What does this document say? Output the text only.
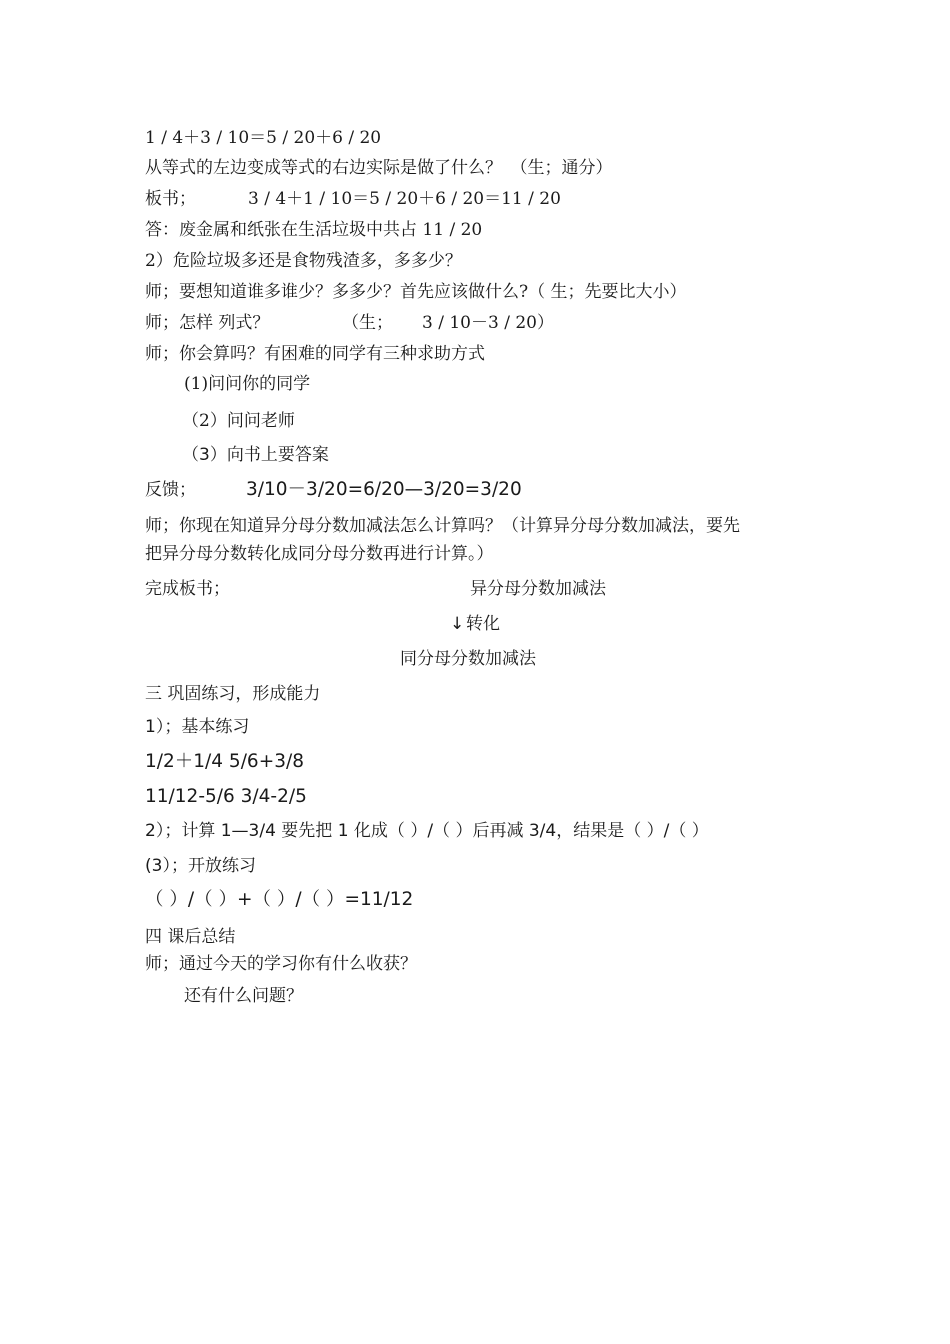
1 / 4＋3 / 10＝5 / 20＋6 / 20
从等式的左边变成等式的右边实际是做了什么？　（生；通分）
板书；	3 / 4＋1 / 10＝5 / 20＋6 / 20＝11 / 20
答：废金属和纸张在生活垃圾中共占 11 / 20
2）危险垃圾多还是食物残渣多，多多少？
师；要想知道谁多谁少？多多少？首先应该做什么?（ 生；先要比大小）
师；怎样 列式？	（生； 3 / 10－3 / 20）
师；你会算吗？有困难的同学有三种求助方式
(1)问问你的同学
（2）问问老师
（3）向书上要答案
反馈；	3/10－3/20=6/20—3/20=3/20
师；你现在知道异分母分数加减法怎么计算吗？（计算异分母分数加减法，要先
把异分母分数转化成同分母分数再进行计算。）
完成板书；	异分母分数加减法
↓ 转化
同分母分数加减法
三 巩固练习，形成能力
1）；基本练习
1/2＋1/4 5/6+3/8
11/12-5/6 3/4-2/5
2）；计算 1—3/4 要先把 1 化成（ ）/（ ）后再减 3/4，结果是（ ）/（ ）
(3）；开放练习
（ ）/（ ）+（ ）/（ ）=11/12
四 课后总结
师；通过今天的学习你有什么收获？
还有什么问题？
